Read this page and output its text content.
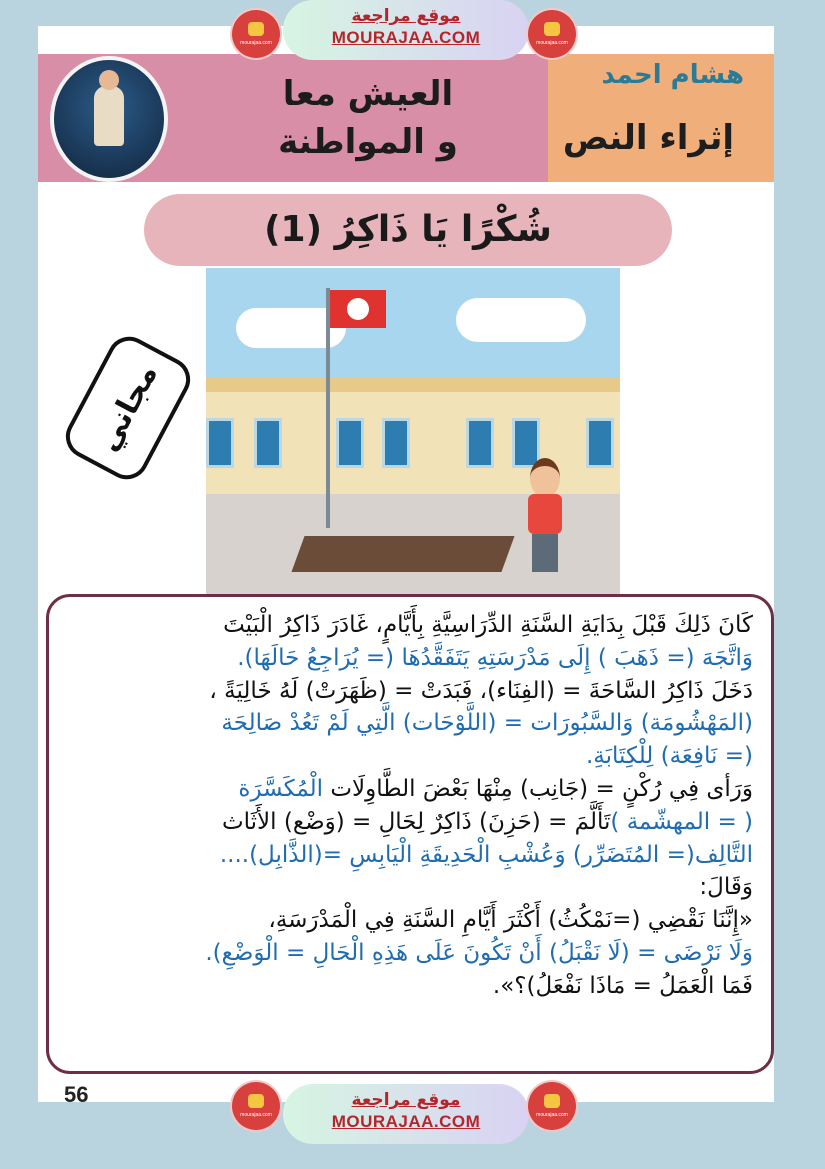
mourajaa.com
موقع مراجعة
MOURAJAA.COM	mourajaa.com
هشام احمد
إثراء النص
العيش معا
و المواطنة
شُكْرًا يَا ذَاكِرُ (1)
مجاني

كَانَ ذَلِكَ قَبْلَ بِدَايَةِ السَّنَةِ الدِّرَاسِيَّةِ بِأَيَّامٍ، غَادَرَ ذَاكِرُ الْبَيْتَ

وَاتَّجَهَ (= ذَهَبَ ) إِلَى مَدْرَسَتِهِ يَتَفَقَّدُهَا (= يُرَاجِعُ حَالَهَا).

دَخَلَ ذَاكِرُ السَّاحَةَ = (الفِنَاء)، فَبَدَتْ = (ظَهَرَتْ) لَهُ خَالِيَةً ،

(المَهْشُومَة) وَالسَّبُورَات = (اللَّوْحَات) الَّتِي لَمْ تَعُدْ صَالِحَة

(= نَافِعَة) لِلْكِتَابَةِ.

وَرَأى فِي رُكْنٍ = (جَانِب) مِنْهَا بَعْضَ الطَّاوِلَات الْمُكَسَّرَة

( = المهشّمة )تَأَلَّمَ = (حَزِنَ) ذَاكِرٌ لِحَالِ = (وَضْع) الأَثَاث

التَّالِف(= المُتَضَرِّر) وَعُشْبِ الْحَدِيقَةِ الْيَابِسِ =(الذَّابِل)....

وَقَالَ:

«إِنَّنَا نَقْضِي (=نَمْكُثُ) أَكْثَرَ أَيَّامِ السَّنَةِ فِي الْمَدْرَسَةِ،

وَلَا نَرْضَى = (لَا نَقْبَلُ) أَنْ تَكُونَ عَلَى هَذِهِ الْحَالِ = الْوَضْعِ).

فَمَا الْعَمَلُ = مَاذَا نَفْعَلُ)؟».

56
mourajaa.com
موقع مراجعة
MOURAJAA.COM	mourajaa.com
